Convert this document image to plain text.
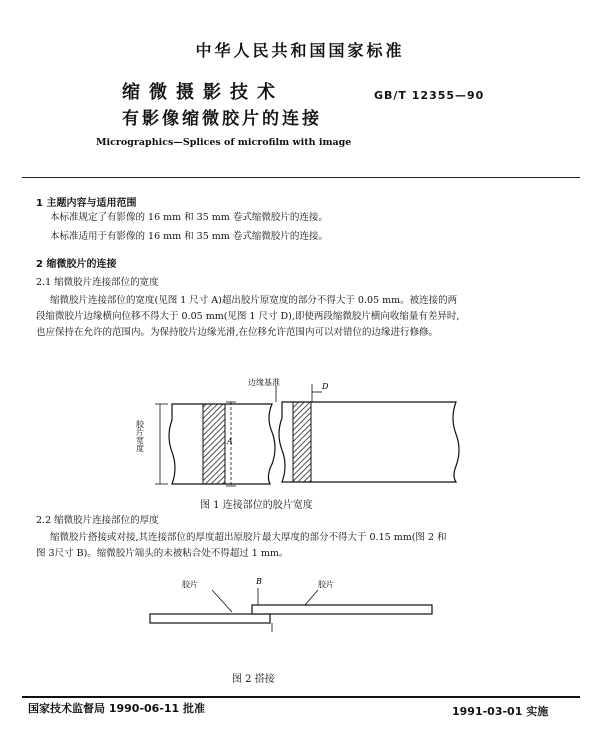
中华人民共和国国家标准
缩微摄影技术
有影像缩微胶片的连接
GB/T 12355—90
Micrographics—Splices of microfilm with image
1 主题内容与适用范围
本标准规定了有影像的 16 mm 和 35 mm 卷式缩微胶片的连接。
本标准适用于有影像的 16 mm 和 35 mm 卷式缩微胶片的连接。
2 缩微胶片的连接
2.1 缩微胶片连接部位的宽度
缩微胶片连接部位的宽度(见图 1 尺寸 A)超出胶片原宽度的部分不得大于 0.05 mm。被连接的两
段缩微胶片边缘横向位移不得大于 0.05 mm(见图 1 尺寸 D),即使两段缩微胶片横向收缩量有差异时,
也应保持在允许的范围内。为保持胶片边缘光滑,在位移允许范围内可以对错位的边缘进行修修。
边缘基准	D
A
胶片宽度
图 1 连接部位的胶片宽度
2.2 缩微胶片连接部位的厚度
缩微胶片搭接或对接,其连接部位的厚度超出原胶片最大厚度的部分不得大于 0.15 mm(图 2 和
图 3尺寸 B)。缩微胶片端头的未被粘合处不得超过 1 mm。
胶片	胶片
B
图 2 搭接
国家技术监督局 1990-06-11 批准	1991-03-01 实施
